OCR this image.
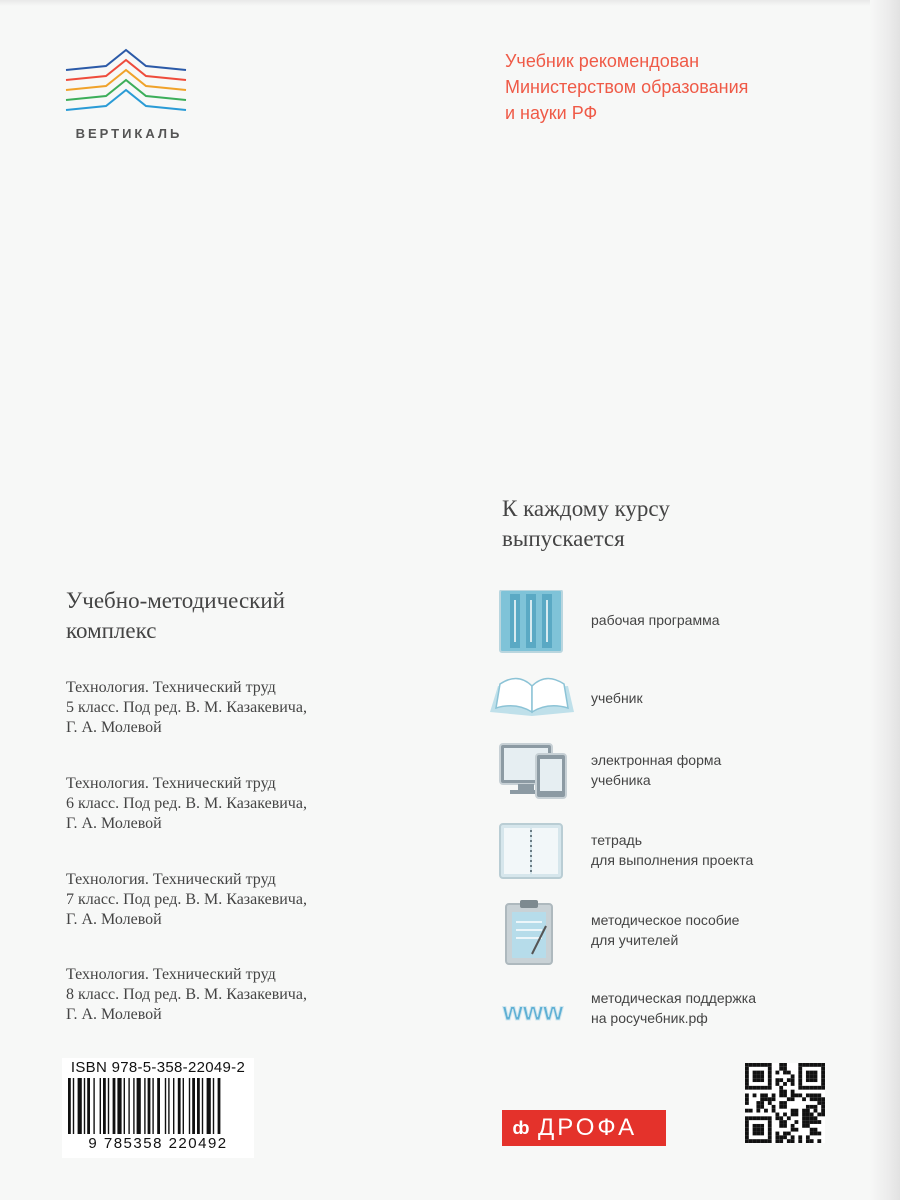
ВЕРТИКАЛЬ
Учебник рекомендован
Министерством образования
и науки РФ
К каждому курсу
выпускается
рабочая программа
учебник
электронная форма
учебника
тетрадь
для выполнения проекта
методическое пособие
для учителей
www методическая поддержка
на росучебник.рф
Учебно-методический
комплекс
Технология. Технический труд
5 класс. Под ред. В. М. Казакевича,
Г. А. Молевой
Технология. Технический труд
6 класс. Под ред. В. М. Казакевича,
Г. А. Молевой
Технология. Технический труд
7 класс. Под ред. В. М. Казакевича,
Г. А. Молевой
Технология. Технический труд
8 класс. Под ред. В. М. Казакевича,
Г. А. Молевой
ISBN 978-5-358-22049-2
9 785358 220492
ȸ ДРОФА
